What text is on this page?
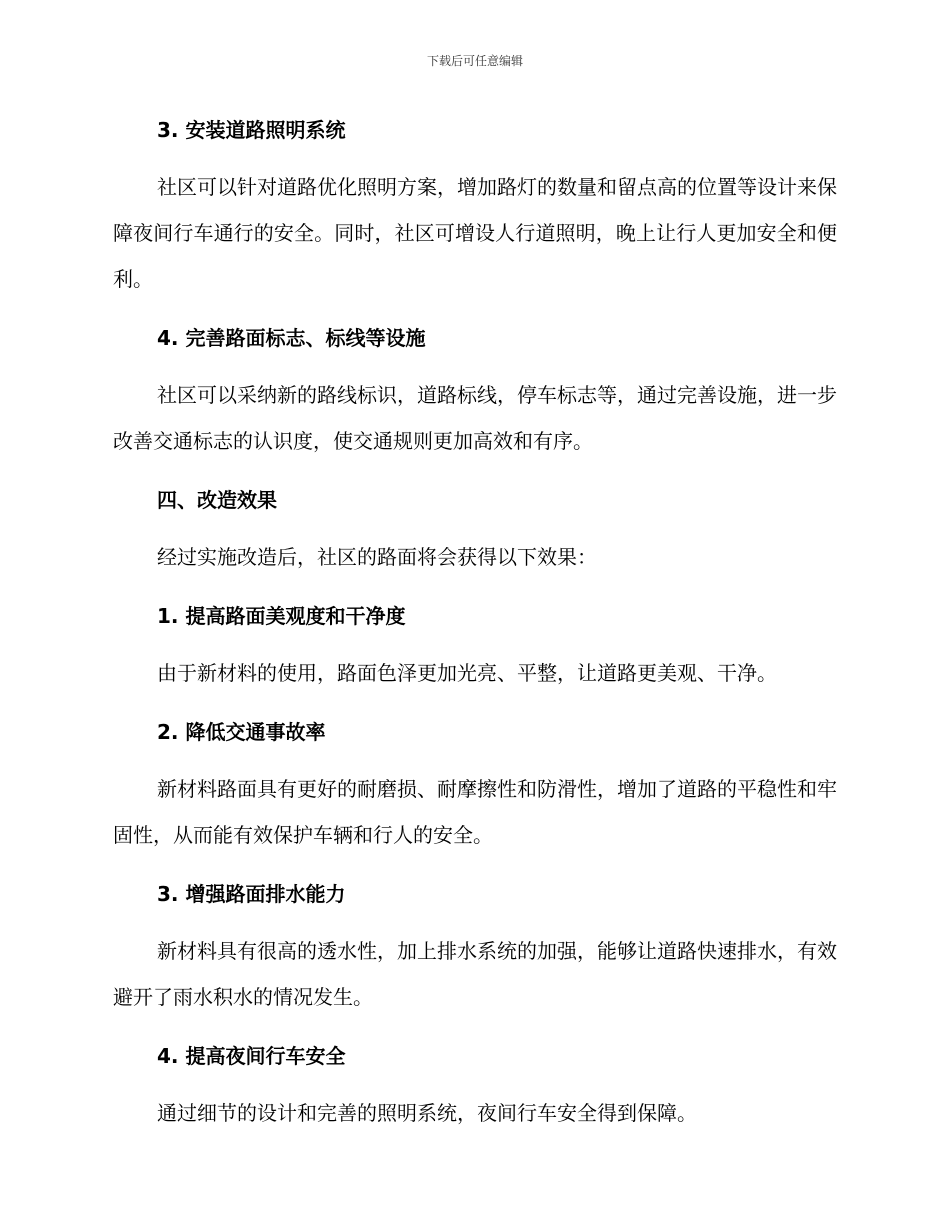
下载后可任意编辑
3. 安装道路照明系统

社区可以针对道路优化照明方案，增加路灯的数量和留点高的位置等设计来保障夜间行车通行的安全。同时，社区可增设人行道照明，晚上让行人更加安全和便利。

4. 完善路面标志、标线等设施

社区可以采纳新的路线标识，道路标线，停车标志等，通过完善设施，进一步改善交通标志的认识度，使交通规则更加高效和有序。

四、改造效果

经过实施改造后，社区的路面将会获得以下效果：

1. 提高路面美观度和干净度

由于新材料的使用，路面色泽更加光亮、平整，让道路更美观、干净。

2. 降低交通事故率

新材料路面具有更好的耐磨损、耐摩擦性和防滑性，增加了道路的平稳性和牢固性，从而能有效保护车辆和行人的安全。

3. 增强路面排水能力

新材料具有很高的透水性，加上排水系统的加强，能够让道路快速排水，有效避开了雨水积水的情况发生。

4. 提高夜间行车安全

通过细节的设计和完善的照明系统，夜间行车安全得到保障。
